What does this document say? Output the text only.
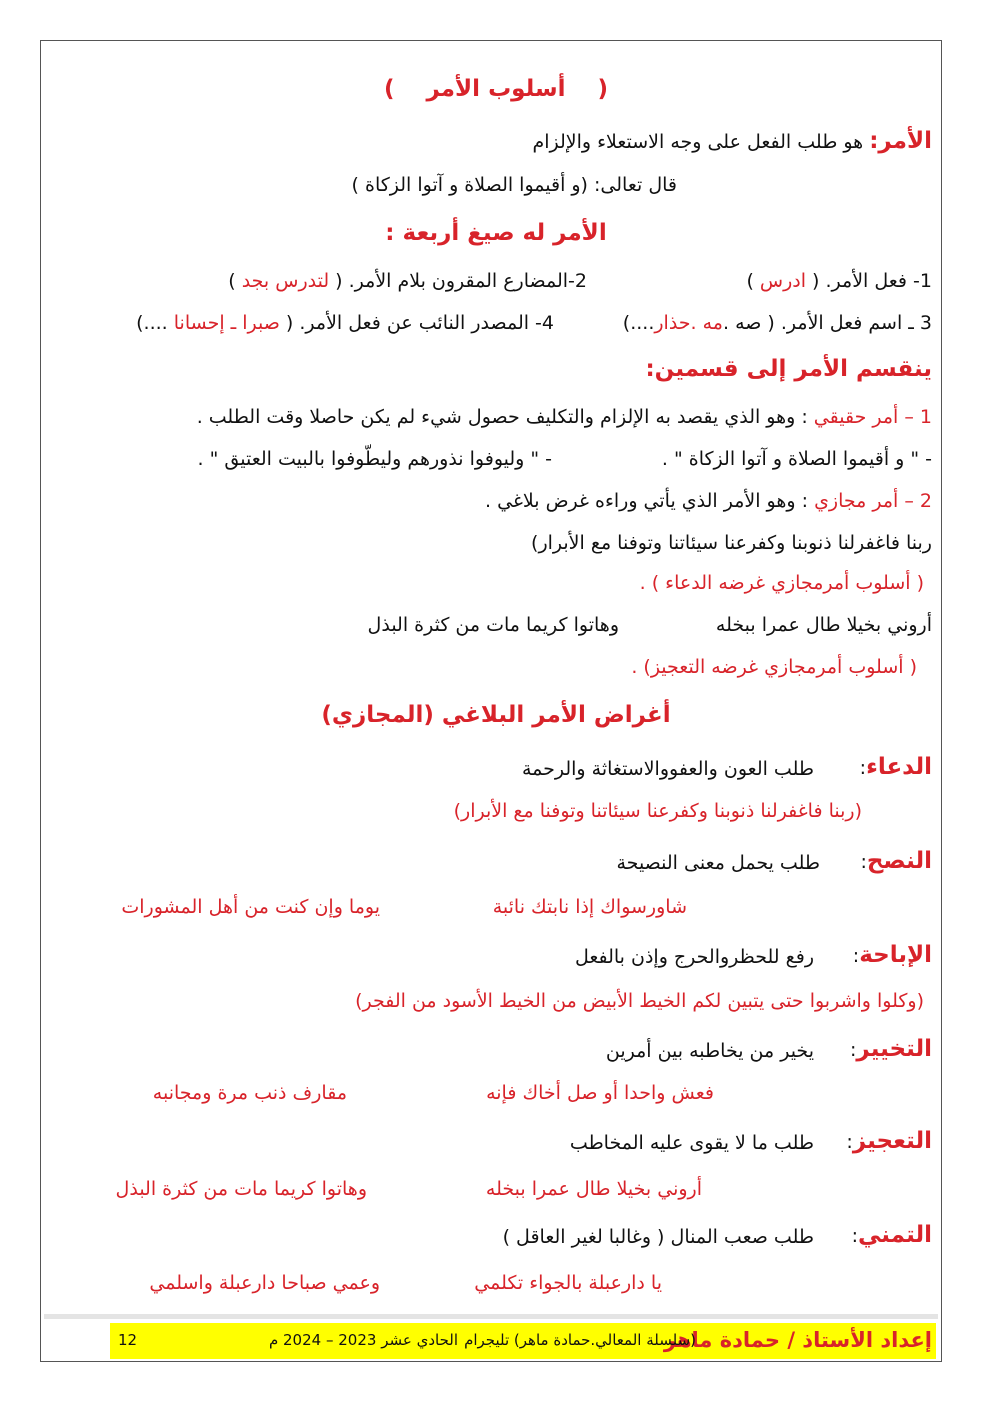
(    أسلوب الأمر    )
الأمر: هو طلب الفعل على وجه الاستعلاء والإلزام
قال تعالى: (و أقيموا الصلاة و آتوا الزكاة )
الأمر له صيغ أربعة :
1- فعل الأمر. ( ادرس )
2-المضارع المقرون بلام الأمر. ( لتدرس بجد )
3 ـ اسم فعل الأمر. ( صه .مه .حذار....)
4- المصدر النائب عن فعل الأمر. ( صبرا ـ إحسانا ....)
ينقسم الأمر إلى قسمين:
1 – أمر حقيقي : وهو الذي يقصد به الإلزام والتكليف حصول شيء لم يكن حاصلا وقت الطلب .
- " و أقيموا الصلاة و آتوا الزكاة " .
- " وليوفوا نذورهم وليطّوفوا بالبيت العتيق " .
2 – أمر مجازي : وهو الأمر الذي يأتي وراءه غرض بلاغي .
ربنا فاغفرلنا ذنوبنا وكفرعنا سيئاتنا وتوفنا مع الأبرار)
( أسلوب أمرمجازي غرضه الدعاء ) .
أروني بخيلا طال عمرا ببخله
وهاتوا كريما مات من كثرة البذل
( أسلوب أمرمجازي غرضه التعجيز) .
أغراض الأمر البلاغي (المجازي)
الدعاء:
طلب العون والعفووالاستغاثة والرحمة
(ربنا فاغفرلنا ذنوبنا وكفرعنا سيئاتنا وتوفنا مع الأبرار)
النصح:
طلب يحمل معنى النصيحة
شاورسواك إذا نابتك نائبة
يوما وإن كنت من أهل المشورات
الإباحة:
رفع للحظروالحرج وإذن بالفعل
(وكلوا واشربوا حتى يتبين لكم الخيط الأبيض من الخيط الأسود من الفجر)
التخيير:
يخير من يخاطبه بين أمرين
فعش واحدا أو صل أخاك فإنه
مقارف ذنب مرة ومجانبه
التعجيز:
طلب ما لا يقوى عليه المخاطب
أروني بخيلا طال عمرا ببخله
وهاتوا كريما مات من كثرة البذل
التمني:
طلب صعب المنال ( وغالبا لغير العاقل )
يا دارعبلة بالجواء تكلمي
وعمي صباحا دارعبلة واسلمي
إعداد الأستاذ / حمادة ماهر
(سلسلة المعالي.حمادة ماهر) تليجرام
الحادي عشر 2023 – 2024 م
12
